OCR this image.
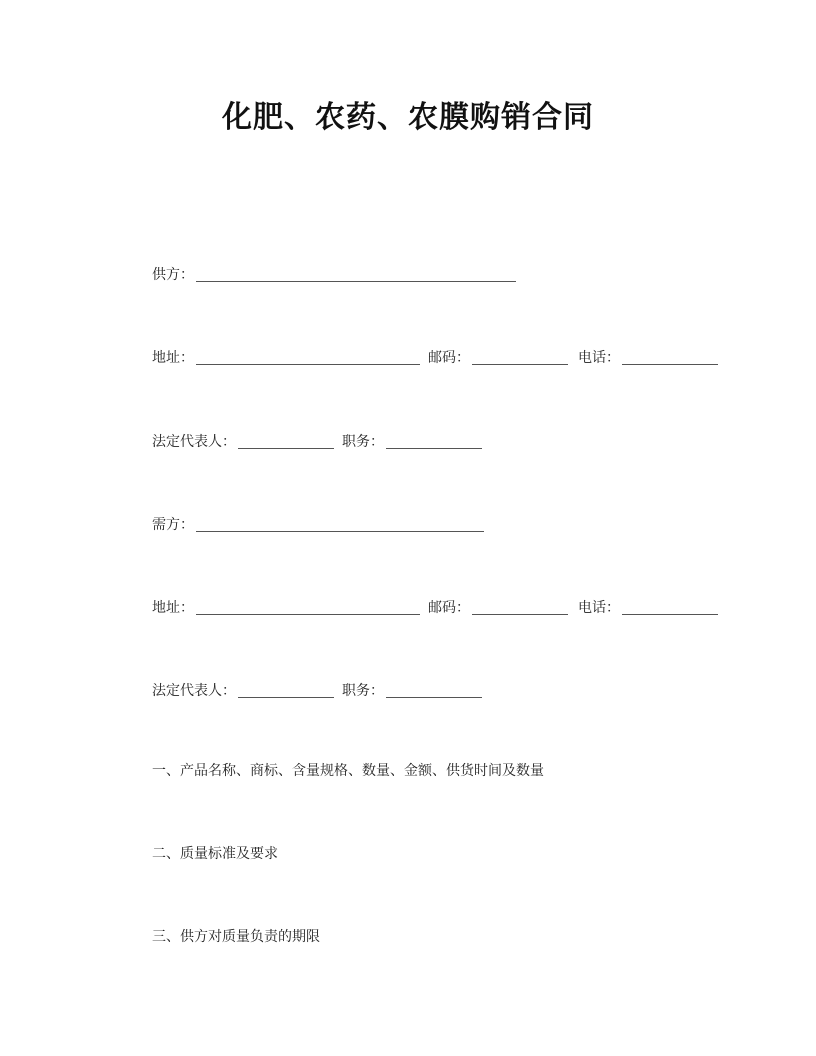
化肥、农药、农膜购销合同
供方：
地址：	邮码：	电话：
法定代表人：	职务：
需方：
地址：	邮码：	电话：
法定代表人：	职务：
一、产品名称、商标、含量规格、数量、金额、供货时间及数量
二、质量标准及要求
三、供方对质量负责的期限
